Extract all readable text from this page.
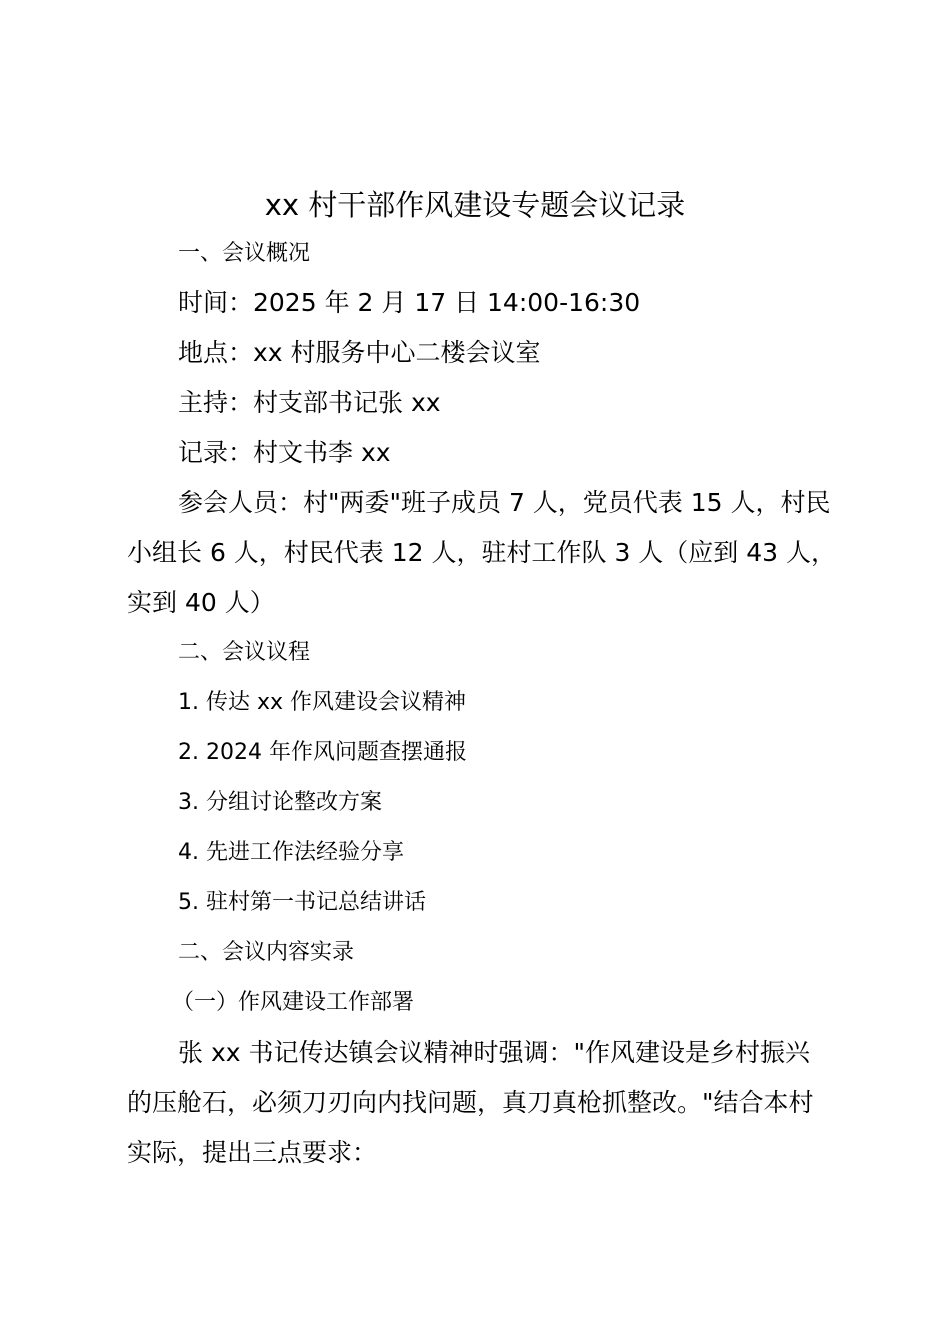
xx 村干部作风建设专题会议记录
一、会议概况
时间：2025 年 2 月 17 日 14:00-16:30
地点：xx 村服务中心二楼会议室
主持：村支部书记张 xx
记录：村文书李 xx
参会人员：村"两委"班子成员 7 人，党员代表 15 人，村民
小组长 6 人，村民代表 12 人，驻村工作队 3 人（应到 43 人，
实到 40 人）
二、会议议程
1. 传达 xx 作风建设会议精神
2. 2024 年作风问题查摆通报
3. 分组讨论整改方案
4. 先进工作法经验分享
5. 驻村第一书记总结讲话
二、会议内容实录
（一）作风建设工作部署
张 xx 书记传达镇会议精神时强调："作风建设是乡村振兴
的压舱石，必须刀刃向内找问题，真刀真枪抓整改。"结合本村
实际，提出三点要求：
